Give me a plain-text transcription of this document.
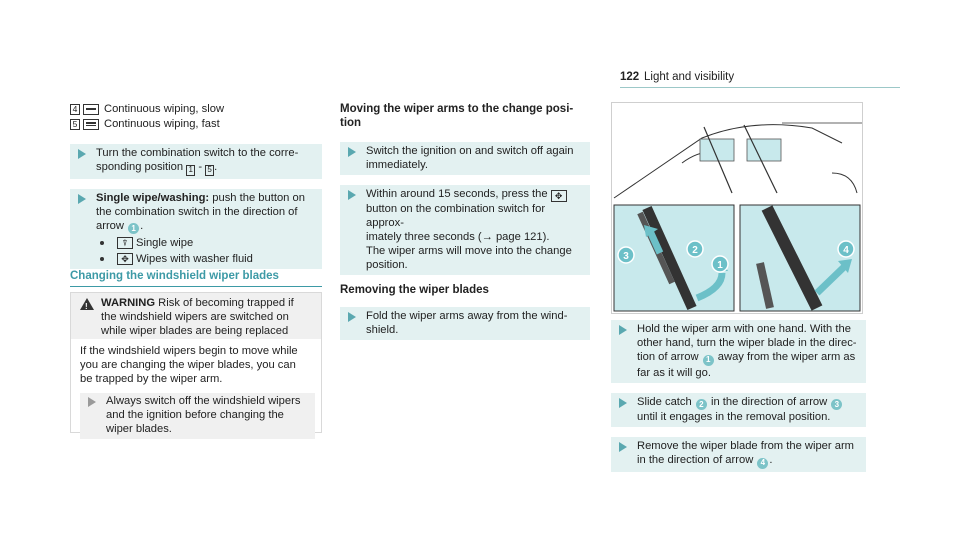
122 Light and visibility
4 Continuous wiping, slow
5 Continuous wiping, fast
Turn the combination switch to the corre-
sponding position 1 - 5 .
Single wipe/washing: push the button on
the combination switch in the direction of
arrow 1 .
⍒ Single wipe
✥ Wipes with washer fluid
Changing the windshield wiper blades
! WARNING Risk of becoming trapped if
the windshield wipers are switched on
while wiper blades are being replaced
If the windshield wipers begin to move while
you are changing the wiper blades, you can
be trapped by the wiper arm.
Always switch off the windshield wipers
and the ignition before changing the
wiper blades.
Moving the wiper arms to the change posi-
tion
Switch the ignition on and switch off again
immediately.
Within around 15 seconds, press the ✥
button on the combination switch for approx-
imately three seconds (→ page 121).
The wiper arms will move into the change
position.
Removing the wiper blades
Fold the wiper arms away from the wind-
shield.
3
2
1
4
Hold the wiper arm with one hand. With the
other hand, turn the wiper blade in the direc-
tion of arrow 1 away from the wiper arm as
far as it will go.
Slide catch 2 in the direction of arrow 3
until it engages in the removal position.
Remove the wiper blade from the wiper arm
in the direction of arrow 4 .
